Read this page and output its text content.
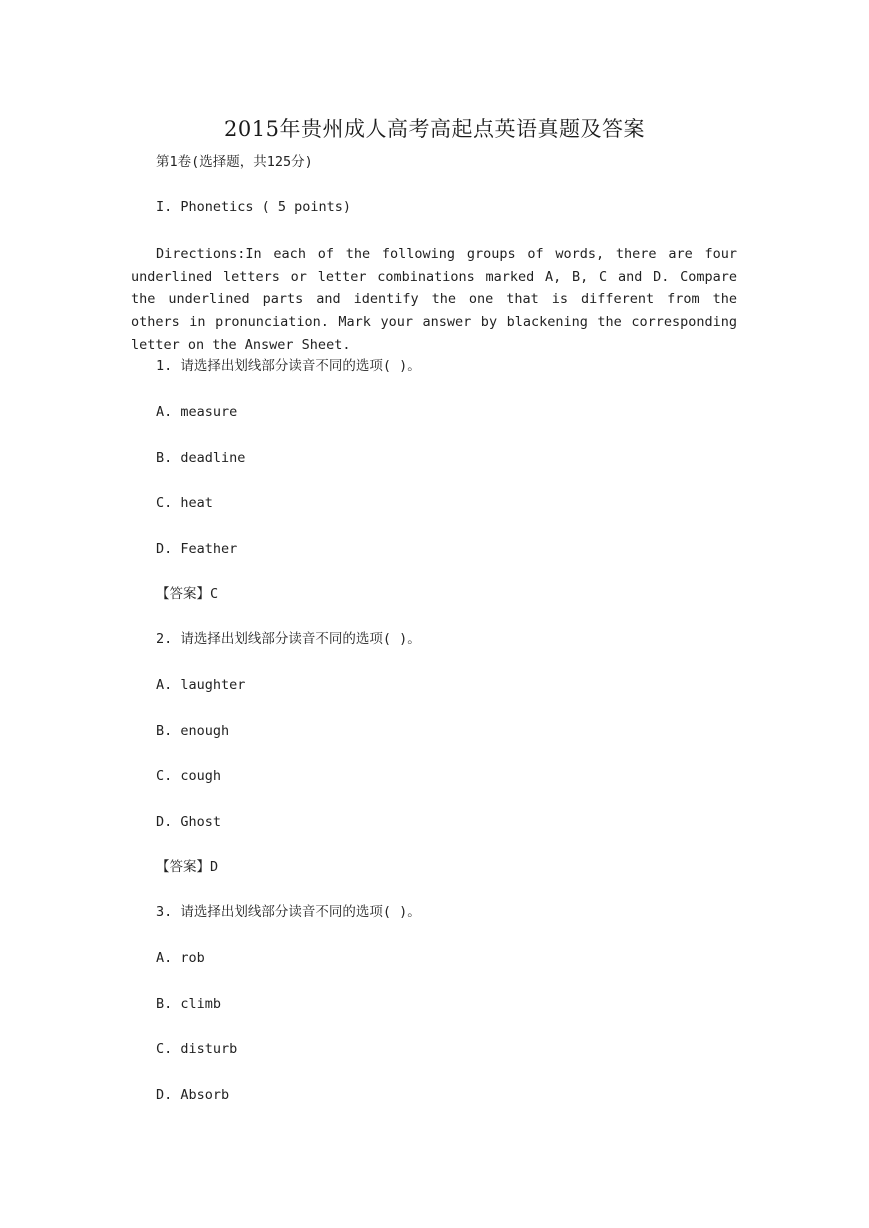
2015年贵州成人高考高起点英语真题及答案
第1卷(选择题，共125分)
I. Phonetics ( 5 points)
Directions:In each of the following groups of words, there are four underlined letters or letter combinations marked A, B, C and D. Compare the underlined parts and identify the one that is different from the others in pronunciation. Mark your answer by blackening the corresponding letter on the Answer Sheet.
1. 请选择出划线部分读音不同的选项( )。
A. measure
B. deadline
C. heat
D. Feather
【答案】C
2. 请选择出划线部分读音不同的选项( )。
A. laughter
B. enough
C. cough
D. Ghost
【答案】D
3. 请选择出划线部分读音不同的选项( )。
A. rob
B. climb
C. disturb
D. Absorb
